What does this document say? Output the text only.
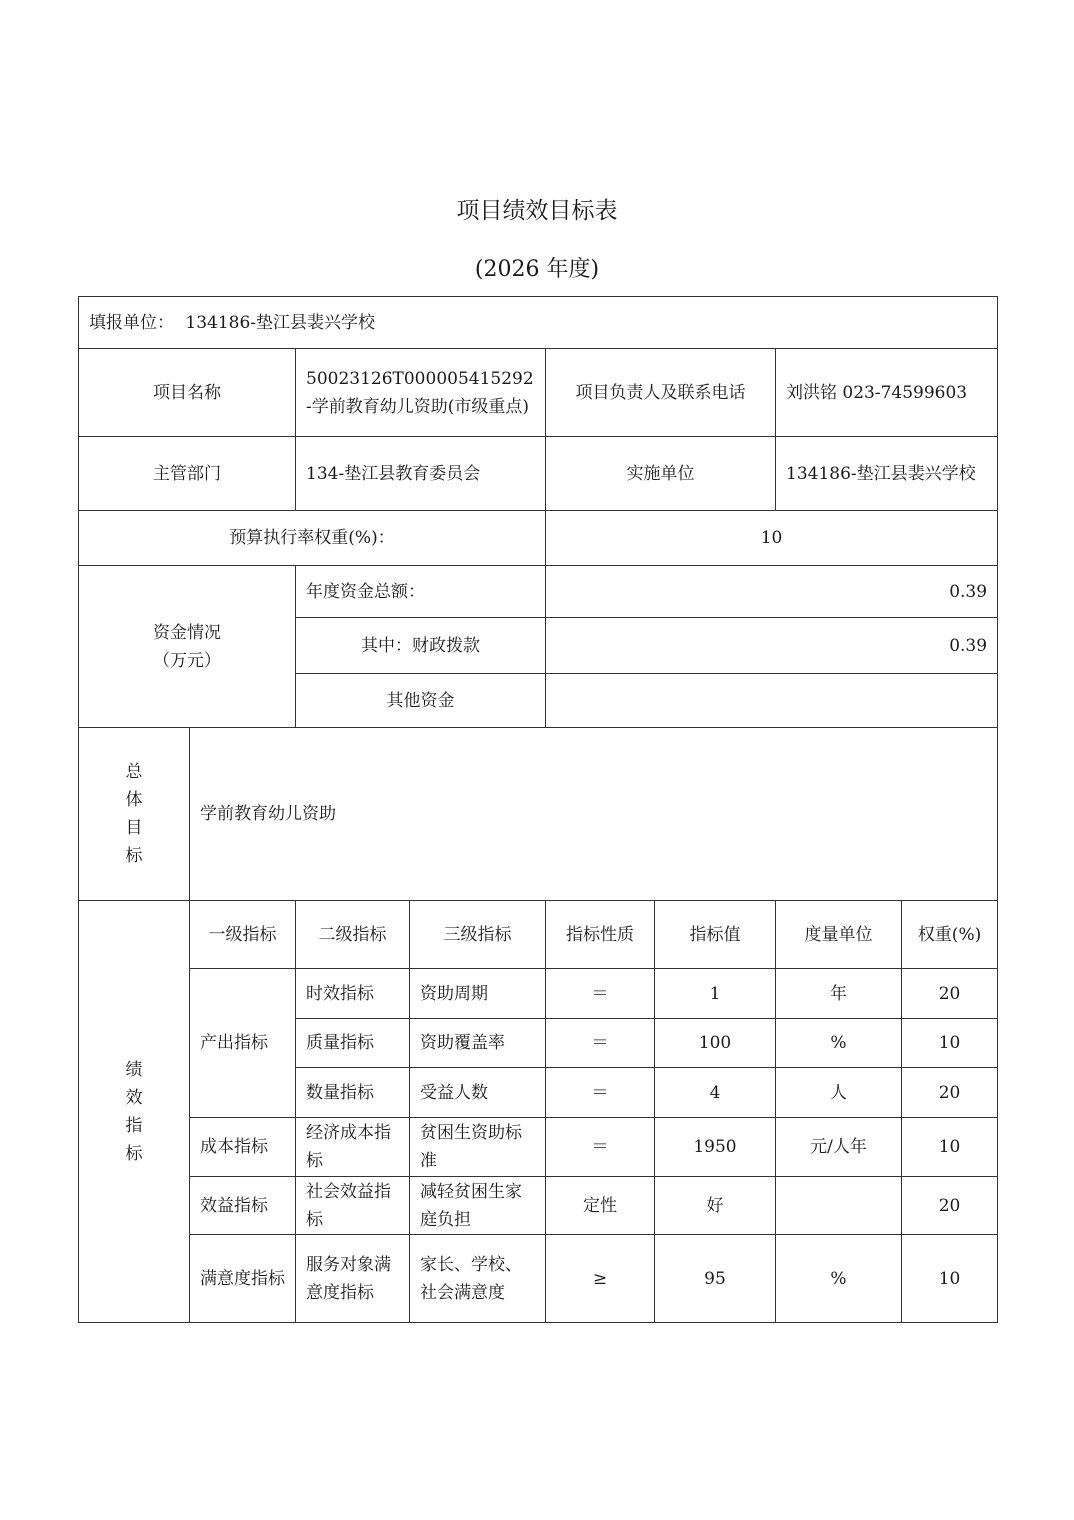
项目绩效目标表
(2026 年度)
填报单位： 134186-垫江县裴兴学校							
项目名称		50023126T000005415292-学前教育幼儿资助(市级重点)		项目负责人及联系电话		刘洪铭 023-74599603	
主管部门		134-垫江县教育委员会		实施单位		134186-垫江县裴兴学校	
预算执行率权重(%)：				10			

资金情况
（万元）		年度资金总额：		0.39			
		其中：财政拨款		0.39			
		其他资金					

总
体
目
标	学前教育幼儿资助						

绩
效
指
标	一级指标	二级指标	三级指标	指标性质	指标值	度量单位	权重(%)
	产出指标	时效指标	资助周期	＝	1	年	20
		质量指标	资助覆盖率	＝	100	%	10
		数量指标	受益人数	＝	4	人	20
	成本指标	经济成本指标	贫困生资助标准	＝	1950	元/人年	10
	效益指标	社会效益指标	减轻贫困生家庭负担	定性	好		20
	满意度指标	服务对象满意度指标	家长、学校、社会满意度	≥	95	%	10
